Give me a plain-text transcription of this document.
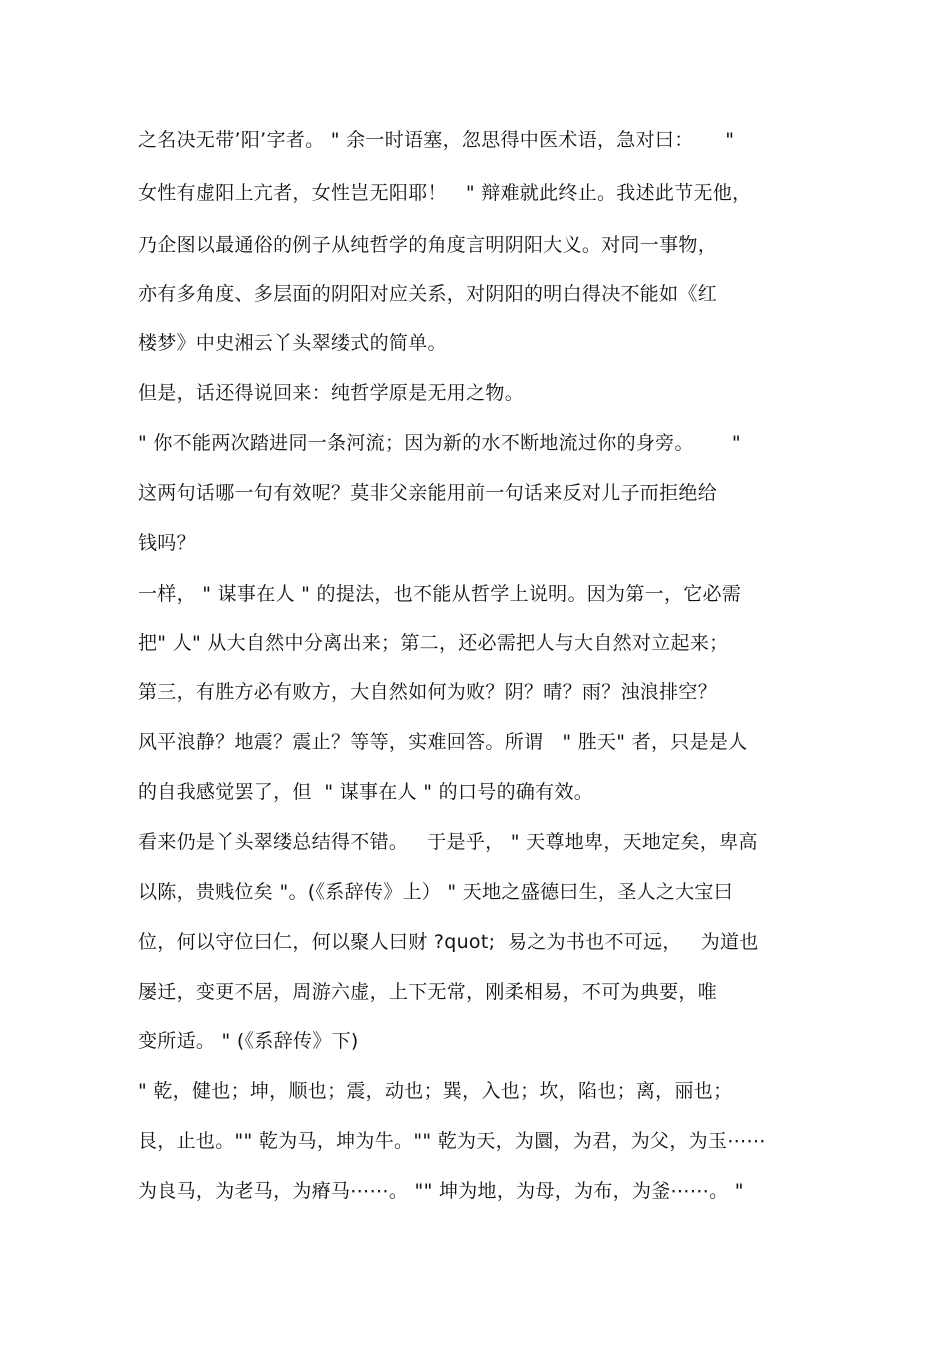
之名决无带’阳’字者。 " 余一时语塞，忽思得中医术语，急对曰：     "
女性有虚阳上亢者，女性岂无阳耶！   " 辩难就此终止。我述此节无他，
乃企图以最通俗的例子从纯哲学的角度言明阴阳大义。对同一事物，
亦有多角度、多层面的阴阳对应关系，对阴阳的明白得决不能如《红
楼梦》中史湘云丫头翠缕式的简单。
但是，话还得说回来：纯哲学原是无用之物。
" 你不能两次踏进同一条河流；因为新的水不断地流过你的身旁。      "
这两句话哪一句有效呢？莫非父亲能用前一句话来反对儿子而拒绝给
钱吗？
一样， " 谋事在人 " 的提法，也不能从哲学上说明。因为第一，它必需
把" 人" 从大自然中分离出来；第二，还必需把人与大自然对立起来；
第三，有胜方必有败方，大自然如何为败？阴？晴？雨？浊浪排空？
风平浪静？地震？震止？等等，实难回答。所谓   " 胜天" 者，只是是人
的自我感觉罢了，但  " 谋事在人 " 的口号的确有效。
看来仍是丫头翠缕总结得不错。   于是乎， " 天尊地卑，天地定矣，卑高
以陈，贵贱位矣 "。(《系辞传》上） " 天地之盛德曰生，圣人之大宝曰
位，何以守位曰仁，何以聚人曰财 ?quot;  易之为书也不可远，   为道也
屡迁，变更不居，周游六虚，上下无常，刚柔相易，不可为典要，唯
变所适。 " (《系辞传》下)
" 乾，健也；坤，顺也；震，动也；巽，入也；坎，陷也；离，丽也；
艮，止也。"" 乾为马，坤为牛。"" 乾为天，为圜，为君，为父，为玉⋯⋯
为良马，为老马，为瘠马⋯⋯。 "" 坤为地，为母，为布，为釜⋯⋯。 "
